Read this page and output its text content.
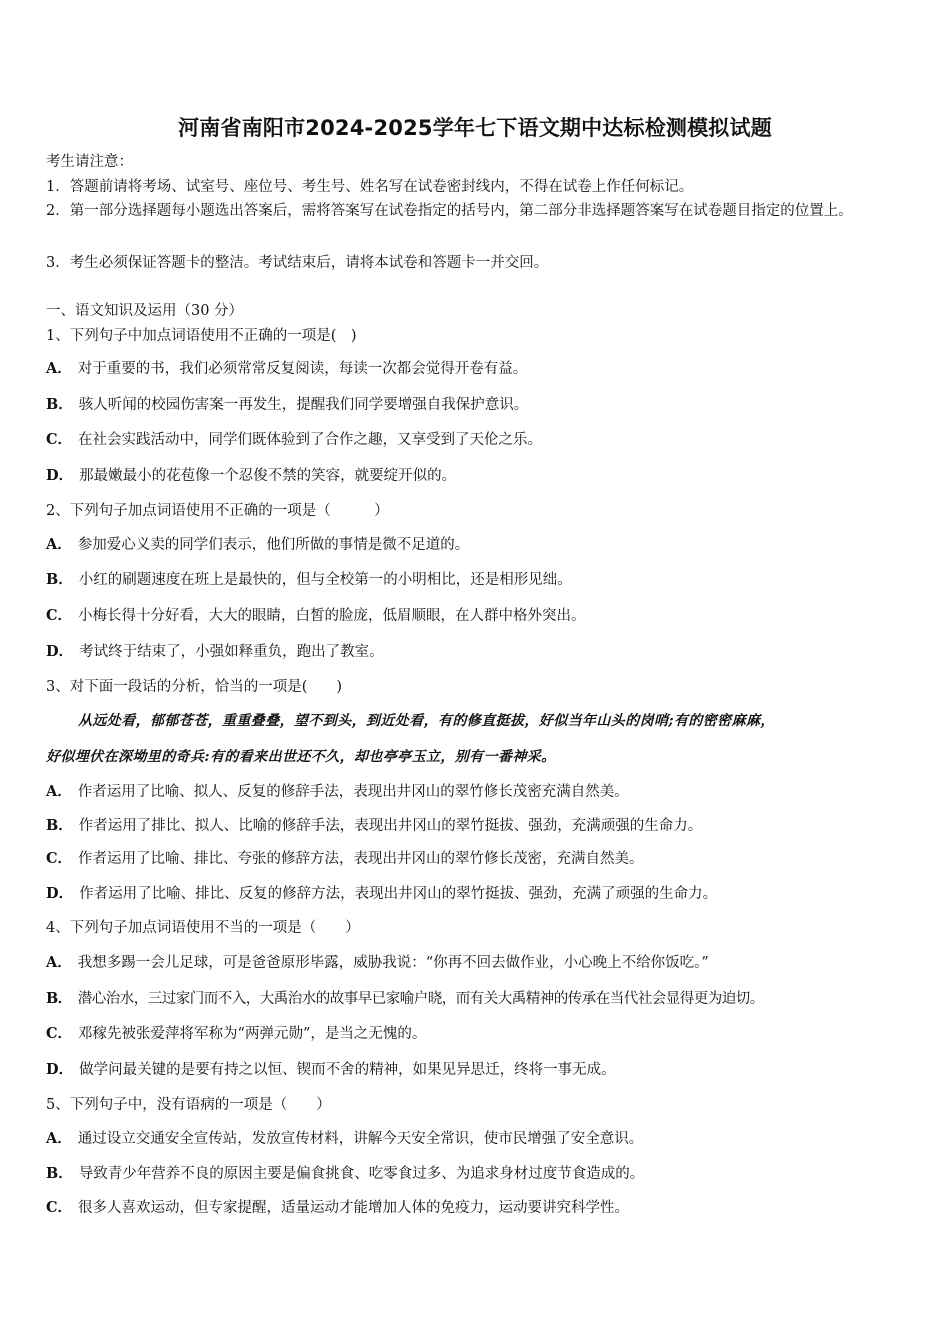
河南省南阳市2024-2025学年七下语文期中达标检测模拟试题
考生请注意：
1．答题前请将考场、试室号、座位号、考生号、姓名写在试卷密封线内，不得在试卷上作任何标记。
2．第一部分选择题每小题选出答案后，需将答案写在试卷指定的括号内，第二部分非选择题答案写在试卷题目指定的位置上。
3．考生必须保证答题卡的整洁。考试结束后，请将本试卷和答题卡一并交回。
一、语文知识及运用（30 分）
1、下列句子中加点词语使用不正确的一项是(　)
A． 对于重要的书，我们必须常常反复阅读，每读一次都会觉得开卷有益。
B． 骇人听闻的校园伤害案一再发生，提醒我们同学要增强自我保护意识。
C． 在社会实践活动中，同学们既体验到了合作之趣，又享受到了天伦之乐。
D． 那最嫩最小的花苞像一个忍俊不禁的笑容，就要绽开似的。
2、下列句子加点词语使用不正确的一项是（　　　）
A． 参加爱心义卖的同学们表示，他们所做的事情是微不足道的。
B． 小红的刷题速度在班上是最快的，但与全校第一的小明相比，还是相形见绌。
C． 小梅长得十分好看，大大的眼睛，白皙的脸庞，低眉顺眼，在人群中格外突出。
D． 考试终于结束了，小强如释重负，跑出了教室。
3、对下面一段话的分析，恰当的一项是(　　)
从远处看，郁郁苍苍，重重叠叠，望不到头，到近处看，有的修直挺拔，好似当年山头的岗哨;有的密密麻麻，
好似埋伏在深坳里的奇兵:有的看来出世还不久，却也亭亭玉立，别有一番神采。
A． 作者运用了比喻、拟人、反复的修辞手法，表现出井冈山的翠竹修长茂密充满自然美。
B． 作者运用了排比、拟人、比喻的修辞手法，表现出井冈山的翠竹挺拔、强劲，充满顽强的生命力。
C． 作者运用了比喻、排比、夸张的修辞方法，表现出井冈山的翠竹修长茂密，充满自然美。
D． 作者运用了比喻、排比、反复的修辞方法，表现出井冈山的翠竹挺拔、强劲，充满了顽强的生命力。
4、下列句子加点词语使用不当的一项是（　　）
A． 我想多踢一会儿足球，可是爸爸原形毕露，威胁我说：“你再不回去做作业，小心晚上不给你饭吃。”
B． 潜心治水，三过家门而不入，大禹治水的故事早已家喻户晓，而有关大禹精神的传承在当代社会显得更为迫切。
C． 邓稼先被张爱萍将军称为“两弹元勋”，是当之无愧的。
D． 做学问最关键的是要有持之以恒、锲而不舍的精神，如果见异思迁，终将一事无成。
5、下列句子中，没有语病的一项是（　　）
A． 通过设立交通安全宣传站，发放宣传材料，讲解今天安全常识，使市民增强了安全意识。
B． 导致青少年营养不良的原因主要是偏食挑食、吃零食过多、为追求身材过度节食造成的。
C． 很多人喜欢运动，但专家提醒，适量运动才能增加人体的免疫力，运动要讲究科学性。
